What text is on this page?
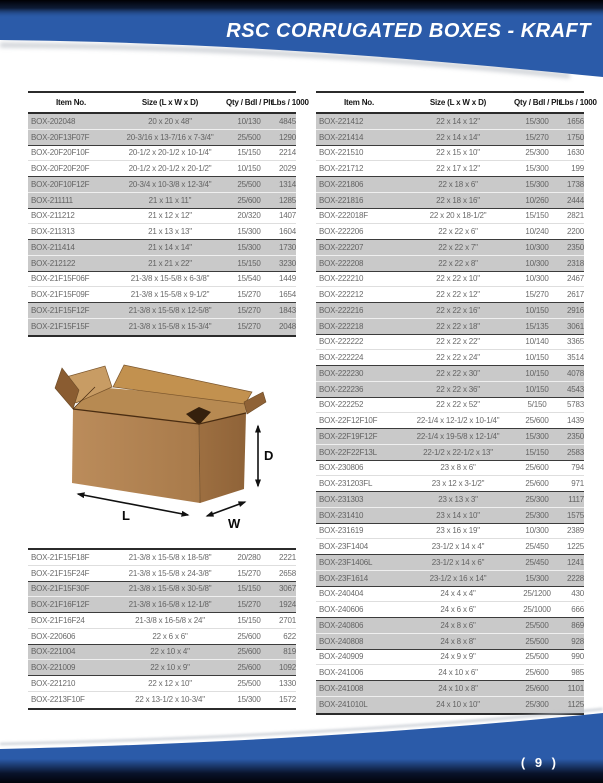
RSC CORRUGATED BOXES - KRAFT
Item No.	Size (L x W x D)	Qty / Bdl / Plt Lbs / 1000
BOX-202048	20 x 20 x 48"	10/130	4845
BOX-20F13F07F	20-3/16 x 13-7/16 x 7-3/4"	25/500	1290
BOX-20F20F10F	20-1/2 x 20-1/2 x 10-1/4"	15/150	2214
BOX-20F20F20F	20-1/2 x 20-1/2 x 20-1/2"	10/150	2029
BOX-20F10F12F	20-3/4 x 10-3/8 x 12-3/4"	25/500	1314
BOX-211111	21 x 11 x 11"	25/600	1285
BOX-211212	21 x 12 x 12"	20/320	1407
BOX-211313	21 x 13 x 13"	15/300	1604
BOX-211414	21 x 14 x 14"	15/300	1730
BOX-212122	21 x 21 x 22"	15/150	3230
BOX-21F15F06F	21-3/8 x 15-5/8 x 6-3/8"	15/540	1449
BOX-21F15F09F	21-3/8 x 15-5/8 x 9-1/2"	15/270	1654
BOX-21F15F12F	21-3/8 x 15-5/8 x 12-5/8"	15/270	1843
BOX-21F15F15F	21-3/8 x 15-5/8 x 15-3/4"	15/270	2048
Item No.	Size (L x W x D)	Qty / Bdl / Plt Lbs / 1000
BOX-221412	22 x 14 x 12"	15/300	1656
BOX-221414	22 x 14 x 14"	15/270	1750
BOX-221510	22 x 15 x 10"	25/300	1630
BOX-221712	22 x 17 x 12"	15/300	199
BOX-221806	22 x 18 x 6"	15/300	1738
BOX-221816	22 x 18 x 16"	10/260	2444
BOX-222018F	22 x 20 x 18-1/2"	15/150	2821
BOX-222206	22 x 22 x 6"	10/240	2200
BOX-222207	22 x 22 x 7"	10/300	2350
BOX-222208	22 x 22 x 8"	10/300	2318
BOX-222210	22 x 22 x 10"	10/300	2467
BOX-222212	22 x 22 x 12"	15/270	2617
BOX-222216	22 x 22 x 16"	10/150	2916
BOX-222218	22 x 22 x 18"	15/135	3061
BOX-222222	22 x 22 x 22"	10/140	3365
BOX-222224	22 x 22 x 24"	10/150	3514
BOX-222230	22 x 22 x 30"	10/150	4078
BOX-222236	22 x 22 x 36"	10/150	4543
BOX-222252	22 x 22 x 52"	5/150	5783
BOX-22F12F10F	22-1/4 x 12-1/2 x 10-1/4"	25/600	1439
BOX-22F19F12F	22-1/4 x 19-5/8 x 12-1/4"	15/300	2350
BOX-22F22F13L	22-1/2 x 22-1/2 x 13"	15/150	2583
BOX-230806	23 x 8 x 6"	25/600	794
BOX-231203FL	23 x 12 x 3-1/2"	25/600	971
BOX-231303	23 x 13 x 3"	25/300	1117
BOX-231410	23 x 14 x 10"	25/300	1575
BOX-231619	23 x 16 x 19"	10/300	2389
BOX-23F1404	23-1/2 x 14 x 4"	25/450	1225
BOX-23F1406L	23-1/2 x 14 x 6"	25/450	1241
BOX-23F1614	23-1/2 x 16 x 14"	15/300	2228
BOX-240404	24 x 4 x 4"	25/1200	430
BOX-240606	24 x 6 x 6"	25/1000	666
BOX-240806	24 x 8 x 6"	25/500	869
BOX-240808	24 x 8 x 8"	25/500	928
BOX-240909	24 x 9 x 9"	25/500	990
BOX-241006	24 x 10 x 6"	25/600	985
BOX-241008	24 x 10 x 8"	25/600	1101
BOX-241010L	24 x 10 x 10"	25/300	1125
L
W
D
BOX-21F15F18F	21-3/8 x 15-5/8 x 18-5/8"	20/280	2221
BOX-21F15F24F	21-3/8 x 15-5/8 x 24-3/8"	15/270	2658
BOX-21F15F30F	21-3/8 x 15-5/8 x 30-5/8"	15/150	3067
BOX-21F16F12F	21-3/8 x 16-5/8 x 12-1/8"	15/270	1924
BOX-21F16F24	21-3/8 x 16-5/8 x 24"	15/150	2701
BOX-220606	22 x 6 x 6"	25/600	622
BOX-221004	22 x 10 x 4"	25/600	819
BOX-221009	22 x 10 x 9"	25/600	1092
BOX-221210	22 x 12 x 10"	25/500	1330
BOX-2213F10F	22 x 13-1/2 x 10-3/4"	15/300	1572
( 9 )
